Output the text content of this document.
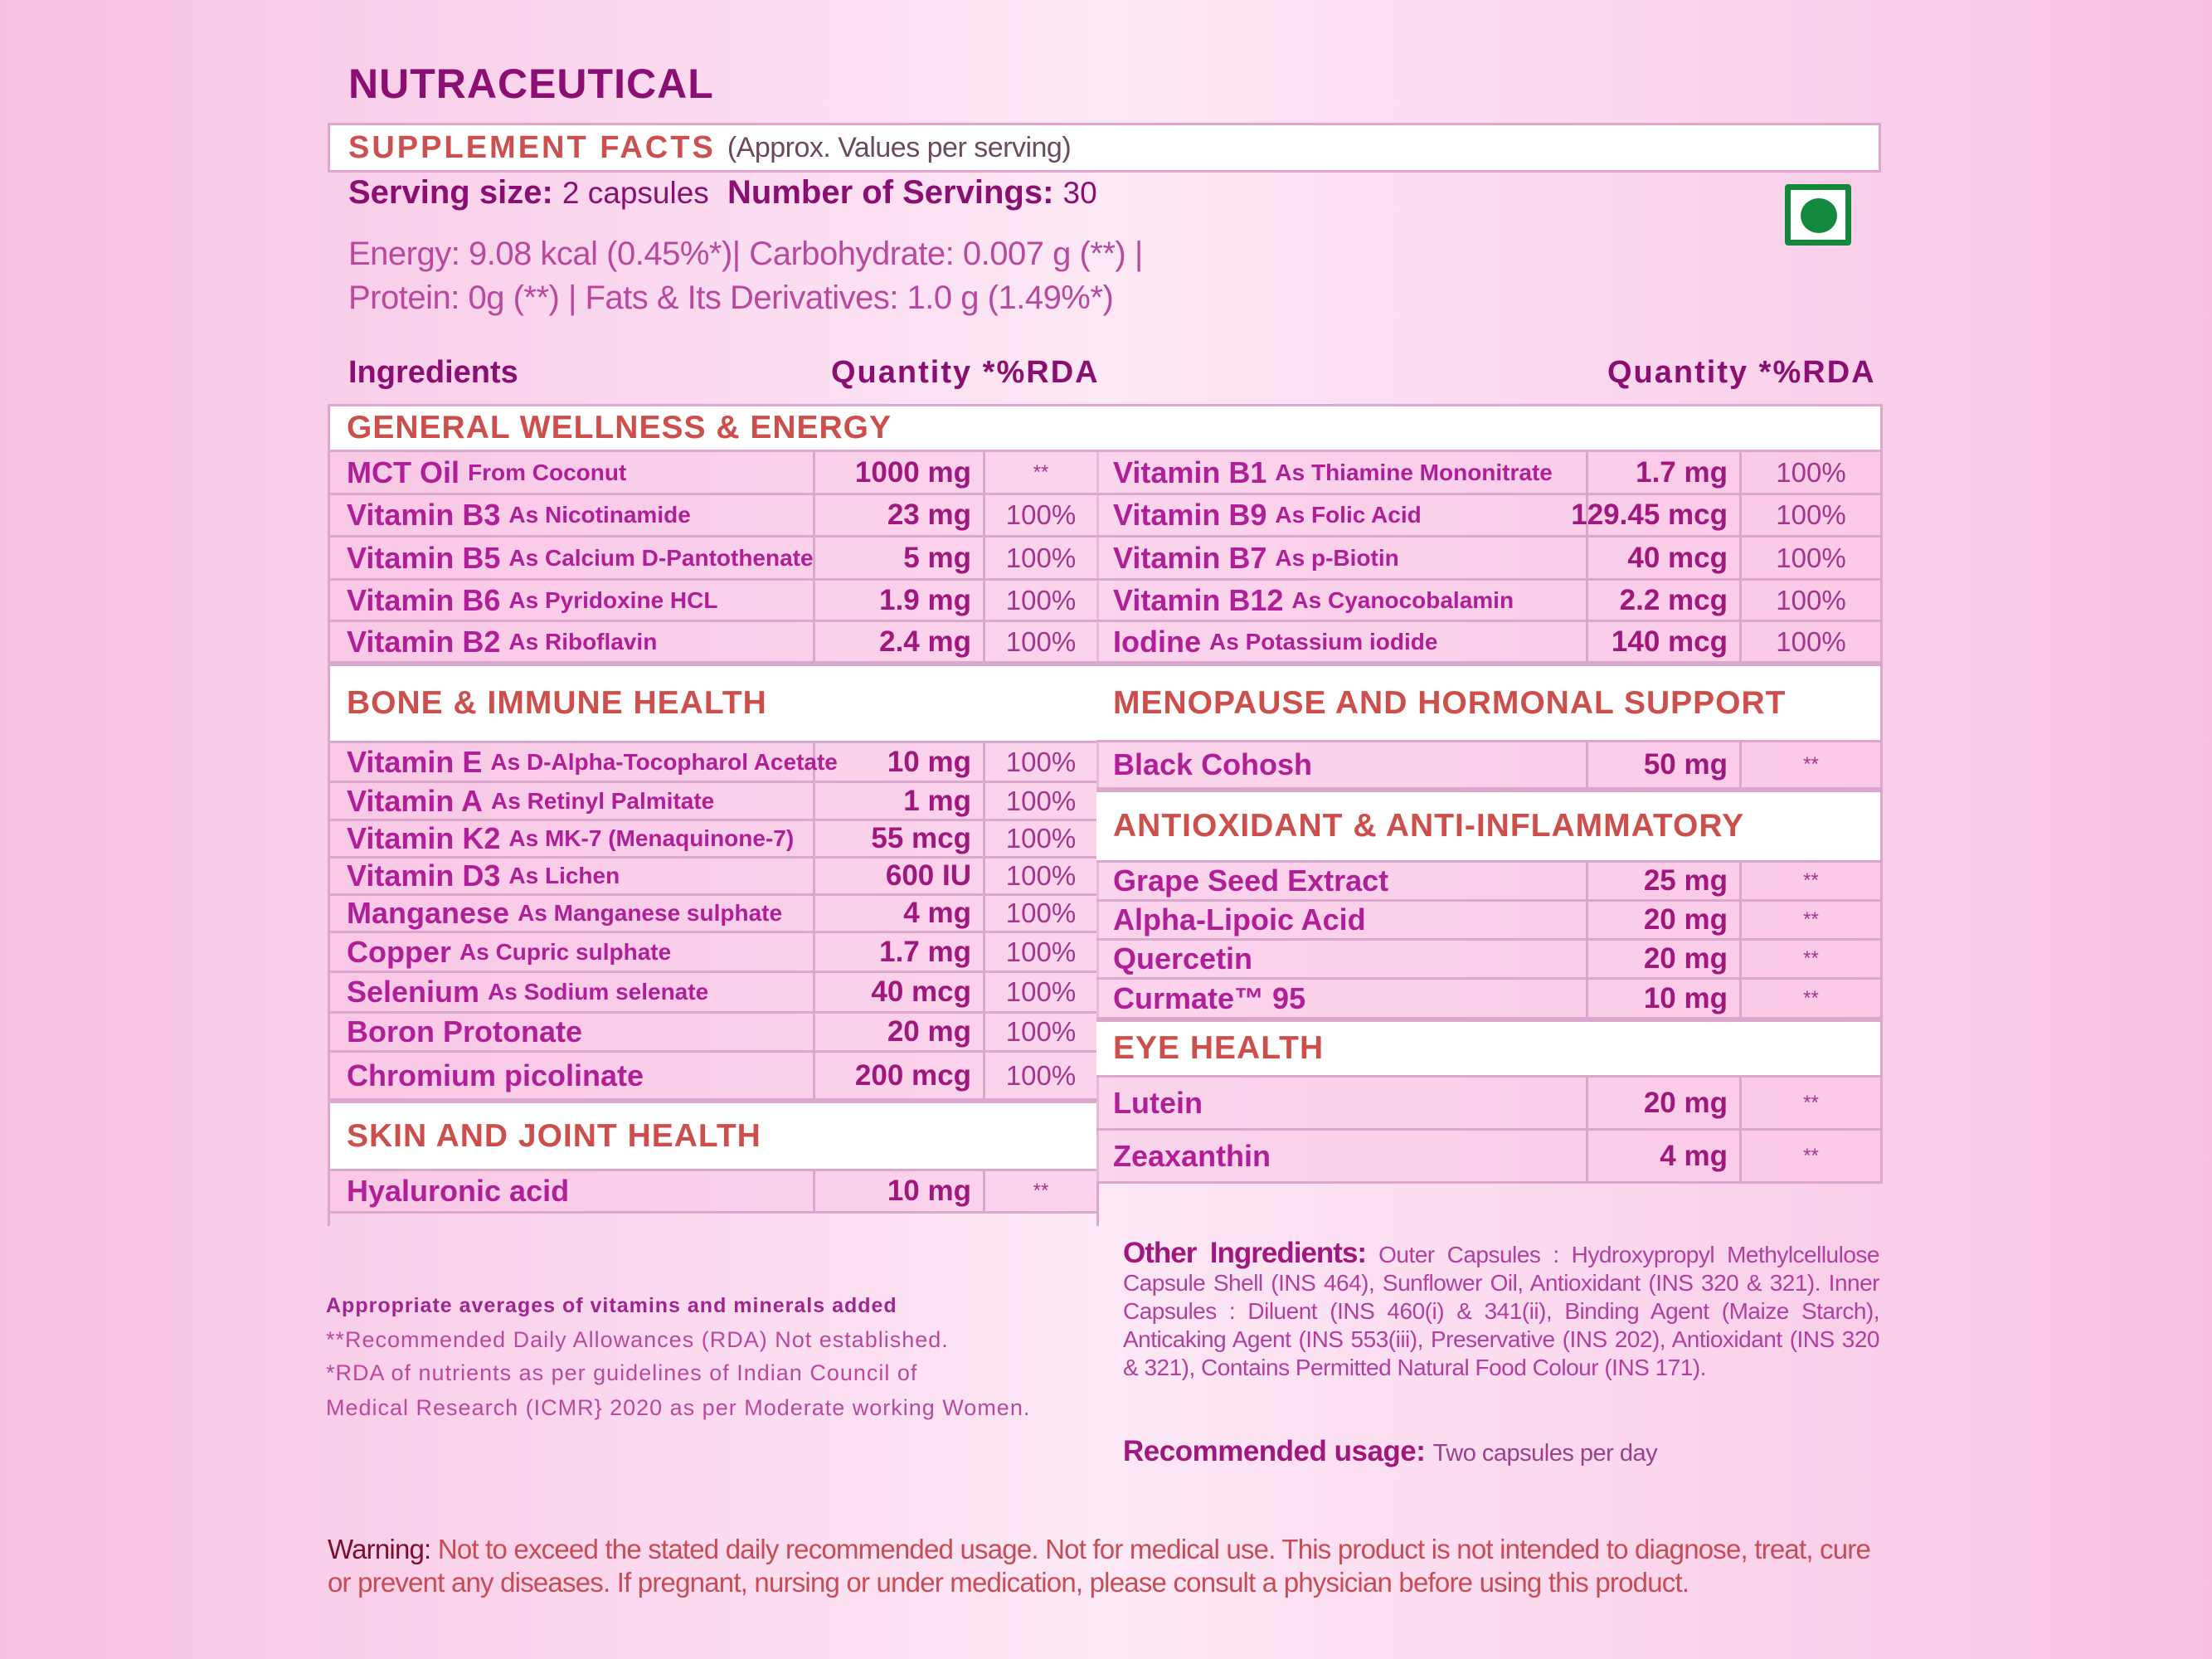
NUTRACEUTICAL
SUPPLEMENT FACTS (Approx. Values per serving)
Serving size: 2 capsules Number of Servings: 30
Energy: 9.08 kcal (0.45%*)| Carbohydrate: 0.007 g (**) |
Protein: 0g (**) | Fats & Its Derivatives: 1.0 g (1.49%*)
Ingredients	Quantity *%RDA	Quantity *%RDA
MCT Oil From Coconut	1000 mg	**
Vitamin B3 As Nicotinamide	23 mg	100%
Vitamin B5 As Calcium D-Pantothenate	5 mg	100%
Vitamin B6 As Pyridoxine HCL	1.9 mg	100%
Vitamin B2 As Riboflavin	2.4 mg	100%
BONE & IMMUNE HEALTH
Vitamin E As D-Alpha-Tocopharol Acetate	10 mg	100%
Vitamin A As Retinyl Palmitate	1 mg	100%
Vitamin K2 As MK-7 (Menaquinone-7)	55 mcg	100%
Vitamin D3 As Lichen	600 IU	100%
Manganese As Manganese sulphate	4 mg	100%
Copper As Cupric sulphate	1.7 mg	100%
Selenium As Sodium selenate	40 mcg	100%
Boron Protonate	20 mg	100%
Chromium picolinate	200 mcg	100%
SKIN AND JOINT HEALTH
Hyaluronic acid	10 mg	**
Vitamin B1 As Thiamine Mononitrate	1.7 mg	100%
Vitamin B9 As Folic Acid	129.45 mcg	100%
Vitamin B7 As p-Biotin	40 mcg	100%
Vitamin B12 As Cyanocobalamin	2.2 mcg	100%
Iodine As Potassium iodide	140 mcg	100%
MENOPAUSE AND HORMONAL SUPPORT
Black Cohosh	50 mg	**
ANTIOXIDANT & ANTI-INFLAMMATORY
Grape Seed Extract	25 mg	**
Alpha-Lipoic Acid	20 mg	**
Quercetin	20 mg	**
Curmate™ 95	10 mg	**
EYE HEALTH
Lutein	20 mg	**
Zeaxanthin	4 mg	**
GENERAL WELLNESS & ENERGY
Appropriate averages of vitamins and minerals added
**Recommended Daily Allowances (RDA) Not established.
*RDA of nutrients as per guidelines of Indian Council of
Medical Research (ICMR} 2020 as per Moderate working Women.
Other Ingredients: Outer Capsules : Hydroxypropyl Methylcellulose Capsule Shell (INS 464), Sunflower Oil, Antioxidant (INS 320 & 321). Inner Capsules : Diluent (INS 460(i) & 341(ii), Binding Agent (Maize Starch), Anticaking Agent (INS 553(iii), Preservative (INS 202), Antioxidant (INS 320 & 321), Contains Permitted Natural Food Colour (INS 171).
Recommended usage: Two capsules per day
Warning: Not to exceed the stated daily recommended usage. Not for medical use. This product is not intended to diagnose, treat, cure or prevent any diseases. If pregnant, nursing or under medication, please consult a physician before using this product.
